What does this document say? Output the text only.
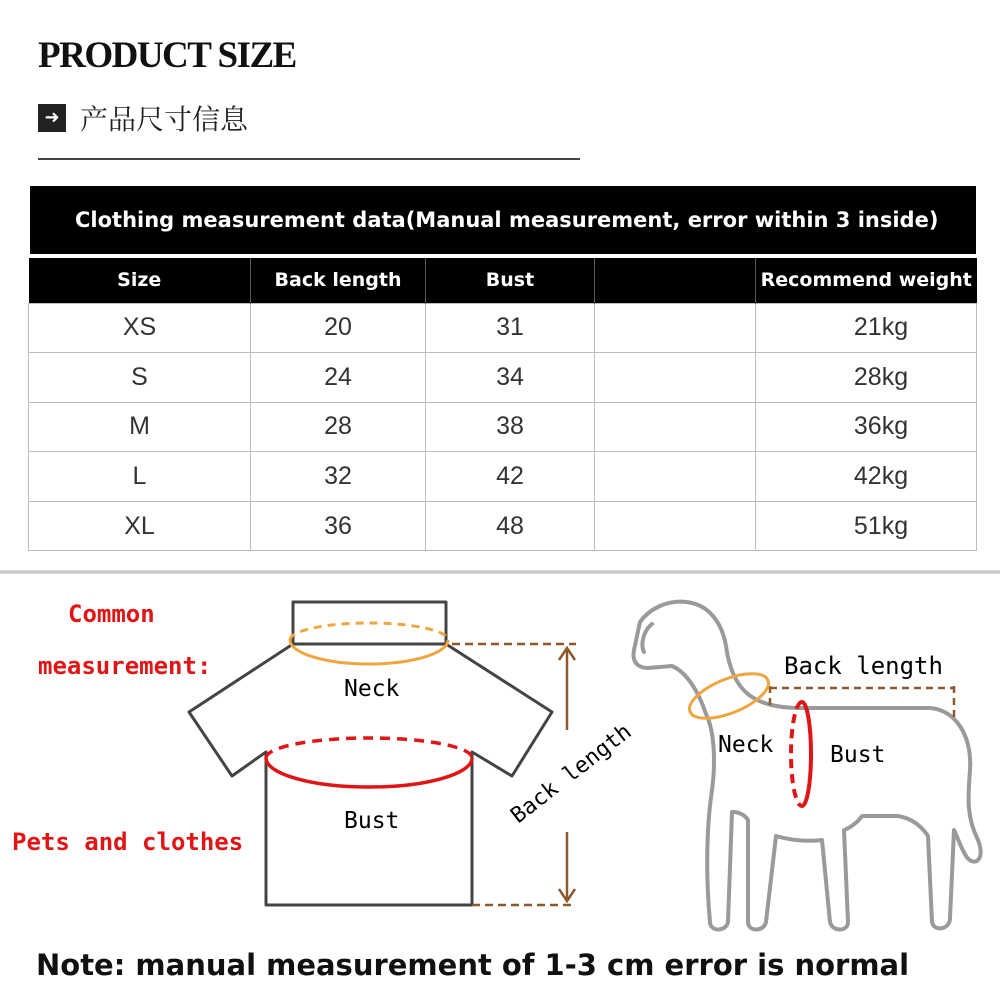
PRODUCT SIZE
➜ 产品尺寸信息
Clothing measurement data(Manual measurement, error within 3 inside)
Size	Back length	Bust		Recommend weight
XS	20	31		21kg
S	24	34		28kg
M	28	38		36kg
L	32	42		42kg
XL	36	48		51kg
Common
measurement:
Pets and clothes
Neck
Bust	Back length
Back length
Neck Bust
Note: manual measurement of 1-3 cm error is normal
